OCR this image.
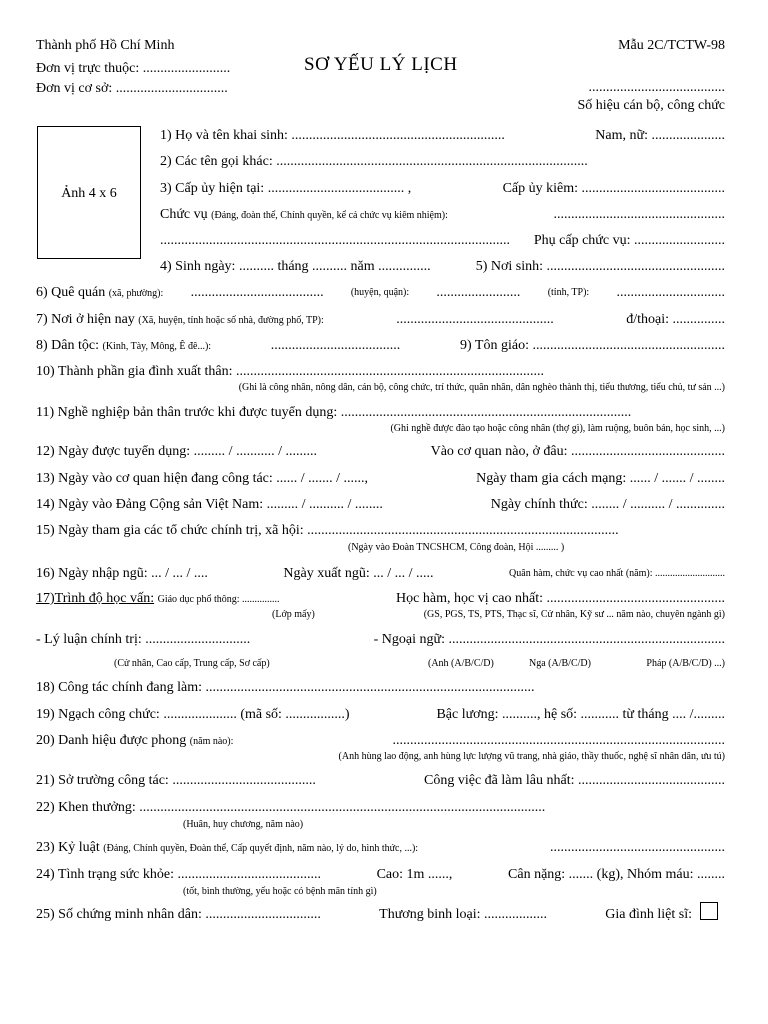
Thành phố Hồ Chí Minh
Đơn vị trực thuộc: .........................
Đơn vị cơ sở: ................................
SƠ YẾU LÝ LỊCH
Mẫu 2C/TCTW-98
.......................................
Số hiệu cán bộ, công chức
Ảnh 4 x 6
1) Họ và tên khai sinh: .............................................................	Nam, nữ: .....................
2) Các tên gọi khác: .........................................................................................
3) Cấp ủy hiện tại: ....................................... ,	Cấp ủy kiêm: .........................................
Chức vụ (Đảng, đoàn thể, Chính quyền, kể cả chức vụ kiêm nhiệm):	.................................................
.................................................................................................... Phụ cấp chức vụ: ..........................
4) Sinh ngày: .......... tháng .......... năm ...............	5) Nơi sinh: ...................................................
6) Quê quán (xã, phường): ......................................	(huyện, quận): ........................	(tỉnh, TP): ...............................
7) Nơi ở hiện nay (Xã, huyện, tỉnh hoặc số nhà, đường phố, TP):	.............................................	đ/thoại: ...............
8) Dân tộc: (Kinh, Tày, Mông, Ê đê...):	.....................................	9) Tôn giáo: .......................................................
10) Thành phần gia đình xuất thân: ........................................................................................
(Ghi là công nhân, nông dân, cán bộ, công chức, trí thức, quân nhân, dân nghèo thành thị, tiểu thương, tiểu chủ, tư sản ...)
11) Nghề nghiệp bản thân trước khi được tuyển dụng: ...................................................................................
(Ghi nghề được đào tạo hoặc công nhân (thợ gì), làm ruộng, buôn bán, học sinh, ...)
12) Ngày được tuyển dụng: ......... / ........... / .........	Vào cơ quan nào, ở đâu: ............................................
13) Ngày vào cơ quan hiện đang công tác: ...... / ....... / ......,	Ngày tham gia cách mạng: ...... / ....... / ........
14) Ngày vào Đảng Cộng sản Việt Nam: ......... / .......... / ........	Ngày chính thức: ........ / .......... / ..............
15) Ngày tham gia các tổ chức chính trị, xã hội: .........................................................................................
(Ngày vào Đoàn TNCSHCM, Công đoàn, Hội ......... )
16) Ngày nhập ngũ: ... / ... / ....	Ngày xuất ngũ: ... / ... / .....	Quân hàm, chức vụ cao nhất (năm): ............................
17)Trình độ học vấn: Giáo dục phổ thông: ...............	Học hàm, học vị cao nhất: ...................................................
(Lớp mấy)	(GS, PGS, TS, PTS, Thạc sĩ, Cử nhân, Kỹ sư ... năm nào, chuyên ngành gì)
- Lý luận chính trị: ..............................	- Ngoại ngữ: ...............................................................................
(Cử nhân, Cao cấp, Trung cấp, Sơ cấp)	(Anh (A/B/C/D)	Nga (A/B/C/D)	Pháp (A/B/C/D) ...)
18) Công tác chính đang làm: ..............................................................................................
19) Ngạch công chức: ..................... (mã số: .................)	Bậc lương: .........., hệ số: ........... từ tháng .... /.........
20) Danh hiệu được phong (năm nào):	...............................................................................................
(Anh hùng lao động, anh hùng lực lượng vũ trang, nhà giáo, thầy thuốc, nghệ sĩ nhân dân, ưu tú)
21) Sở trường công tác: .........................................	Công việc đã làm lâu nhất: ..........................................
22) Khen thưởng: ....................................................................................................................
(Huân, huy chương, năm nào)
23) Kỷ luật (Đảng, Chính quyền, Đoàn thể, Cấp quyết định, năm nào, lý do, hình thức, ...):	..................................................
24) Tình trạng sức khỏe: .........................................	Cao: 1m ......,	Cân nặng: ....... (kg), Nhóm máu: ........
(tốt, bình thường, yếu hoặc có bệnh mãn tính gì)
25) Số chứng minh nhân dân: .................................	Thương binh loại: ..................	Gia đình liệt sĩ:
